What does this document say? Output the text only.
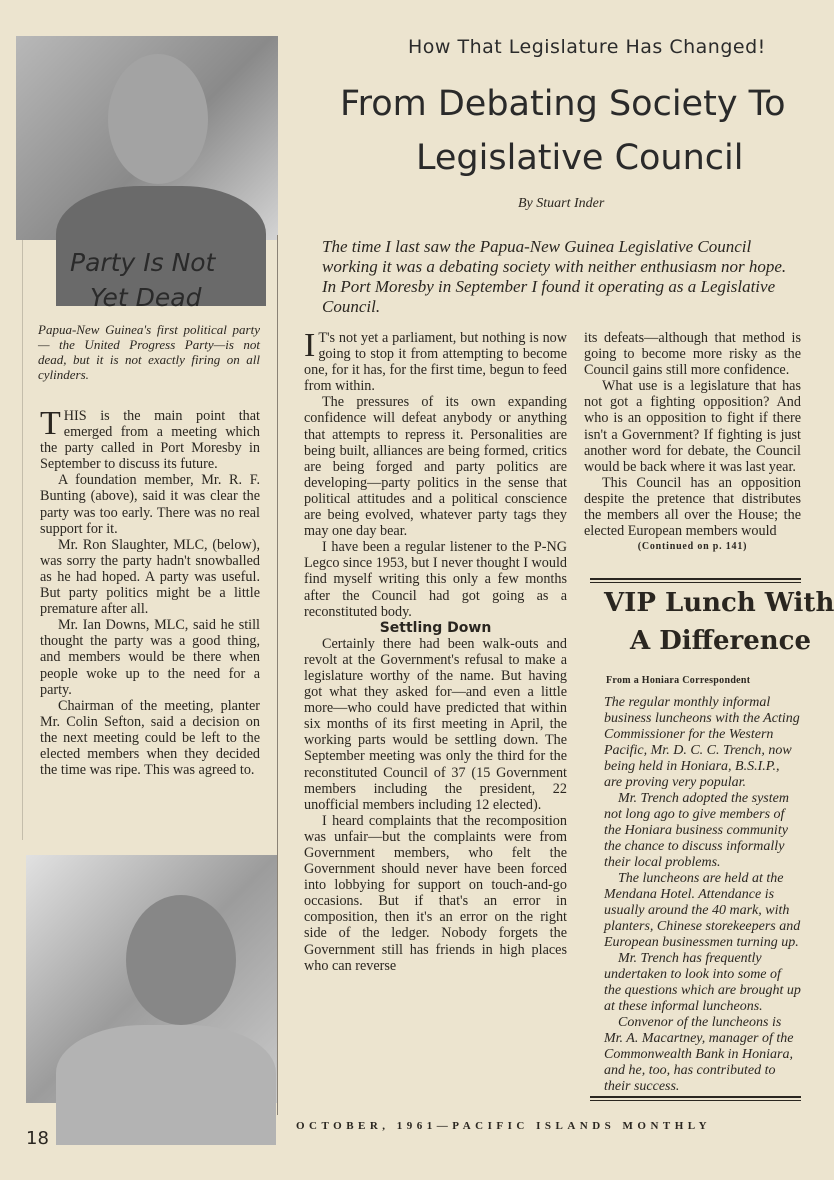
How That Legislature Has Changed!
From Debating Society To
Legislative Council
By Stuart Inder
The time I last saw the Papua-New Guinea Legislative Council working it was a debating society with neither enthusiasm nor hope. In Port Moresby in September I found it operating as a Legislative Council.
Party Is Not
Yet Dead
Papua-New Guinea's first political party — the United Progress Party—is not dead, but it is not exactly firing on all cylinders.

THIS is the main point that emerged from a meeting which the party called in Port Moresby in September to discuss its future.

A foundation member, Mr. R. F. Bunting (above), said it was clear the party was too early. There was no real support for it.

Mr. Ron Slaughter, MLC, (below), was sorry the party hadn't snowballed as he had hoped. A party was useful. But party politics might be a little premature after all.

Mr. Ian Downs, MLC, said he still thought the party was a good thing, and members would be there when people woke up to the need for a party.

Chairman of the meeting, planter Mr. Colin Sefton, said a decision on the next meeting could be left to the elected members when they decided the time was ripe. This was agreed to.

I T's not yet a parliament, but nothing is now going to stop it from attempting to become one, for it has, for the first time, begun to feed from within.

The pressures of its own expanding confidence will defeat anybody or anything that attempts to repress it. Personalities are being built, alliances are being formed, critics are being forged and party politics are developing—party politics in the sense that political attitudes and a political conscience are being evolved, whatever party tags they may one day bear.

I have been a regular listener to the P-NG Legco since 1953, but I never thought I would find myself writing this only a few months after the Council had got going as a reconstituted body.

Settling Down

Certainly there had been walk-outs and revolt at the Government's refusal to make a legislature worthy of the name. But having got what they asked for—and even a little more—who could have predicted that within six months of its first meeting in April, the working parts would be settling down. The September meeting was only the third for the reconstituted Council of 37 (15 Government members including the president, 22 unofficial members including 12 elected).

I heard complaints that the recomposition was unfair—but the complaints were from Government members, who felt the Government should never have been forced into lobbying for support on touch-and-go occasions. But if that's an error in composition, then it's an error on the right side of the ledger. Nobody forgets the Government still has friends in high places who can reverse

its defeats—although that method is going to become more risky as the Council gains still more confidence.

What use is a legislature that has not got a fighting opposition? And who is an opposition to fight if there isn't a Government? If fighting is just another word for debate, the Council would be back where it was last year.

This Council has an opposition despite the pretence that distributes the members all over the House; the elected European members would

(Continued on p. 141)

VIP Lunch With
A Difference
From a Honiara Correspondent

The regular monthly informal business luncheons with the Acting Commissioner for the Western Pacific, Mr. D. C. C. Trench, now being held in Honiara, B.S.I.P., are proving very popular.

Mr. Trench adopted the system not long ago to give members of the Honiara business community the chance to discuss informally their local problems.

The luncheons are held at the Mendana Hotel. Attendance is usually around the 40 mark, with planters, Chinese storekeepers and European businessmen turning up.

Mr. Trench has frequently undertaken to look into some of the questions which are brought up at these informal luncheons.

Convenor of the luncheons is Mr. A. Macartney, manager of the Commonwealth Bank in Honiara, and he, too, has contributed to their success.

OCTOBER, 1961—PACIFIC ISLANDS MONTHLY
18
